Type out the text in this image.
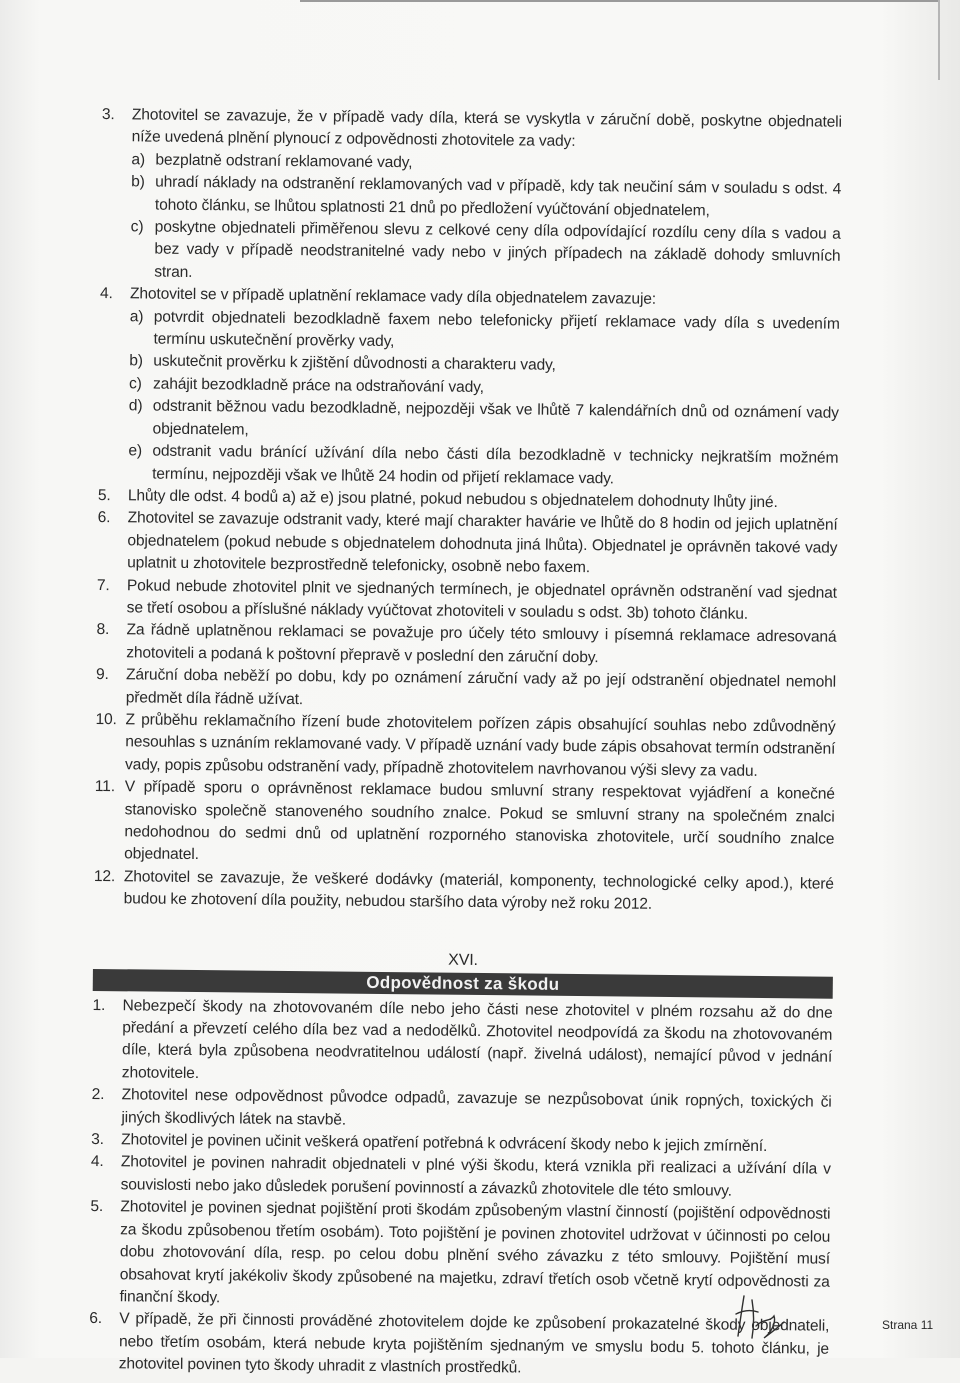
3. Zhotovitel se zavazuje, že v případě vady díla, která se vyskytla v záruční době, poskytne objednateli níže uvedená plnění plynoucí z odpovědnosti zhotovitele za vady:
a) bezplatně odstraní reklamované vady,
b) uhradí náklady na odstranění reklamovaných vad v případě, kdy tak neučiní sám v souladu s odst. 4 tohoto článku, se lhůtou splatnosti 21 dnů po předložení vyúčtování objednatelem,
c) poskytne objednateli přiměřenou slevu z celkové ceny díla odpovídající rozdílu ceny díla s vadou a bez vady v případě neodstranitelné vady nebo v jiných případech na základě dohody smluvních stran.
4. Zhotovitel se v případě uplatnění reklamace vady díla objednatelem zavazuje:
a) potvrdit objednateli bezodkladně faxem nebo telefonicky přijetí reklamace vady díla s uvedením termínu uskutečnění prověrky vady,
b) uskutečnit prověrku k zjištění důvodnosti a charakteru vady,
c) zahájit bezodkladně práce na odstraňování vady,
d) odstranit běžnou vadu bezodkladně, nejpozději však ve lhůtě 7 kalendářních dnů od oznámení vady objednatelem,
e) odstranit vadu bránící užívání díla nebo části díla bezodkladně v technicky nejkratším možném termínu, nejpozději však ve lhůtě 24 hodin od přijetí reklamace vady.
5. Lhůty dle odst. 4 bodů a) až e) jsou platné, pokud nebudou s objednatelem dohodnuty lhůty jiné.
6. Zhotovitel se zavazuje odstranit vady, které mají charakter havárie ve lhůtě do 8 hodin od jejich uplatnění objednatelem (pokud nebude s objednatelem dohodnuta jiná lhůta). Objednatel je oprávněn takové vady uplatnit u zhotovitele bezprostředně telefonicky, osobně nebo faxem.
7. Pokud nebude zhotovitel plnit ve sjednaných termínech, je objednatel oprávněn odstranění vad sjednat se třetí osobou a příslušné náklady vyúčtovat zhotoviteli v souladu s odst. 3b) tohoto článku.
8. Za řádně uplatněnou reklamaci se považuje pro účely této smlouvy i písemná reklamace adresovaná zhotoviteli a podaná k poštovní přepravě v poslední den záruční doby.
9. Záruční doba neběží po dobu, kdy po oznámení záruční vady až po její odstranění objednatel nemohl předmět díla řádně užívat.
10. Z průběhu reklamačního řízení bude zhotovitelem pořízen zápis obsahující souhlas nebo zdůvodněný nesouhlas s uznáním reklamované vady. V případě uznání vady bude zápis obsahovat termín odstranění vady, popis způsobu odstranění vady, případně zhotovitelem navrhovanou výši slevy za vadu.
11. V případě sporu o oprávněnost reklamace budou smluvní strany respektovat vyjádření a konečné stanovisko společně stanoveného soudního znalce. Pokud se smluvní strany na společném znalci nedohodnou do sedmi dnů od uplatnění rozporného stanoviska zhotovitele, určí soudního znalce objednatel.
12. Zhotovitel se zavazuje, že veškeré dodávky (materiál, komponenty, technologické celky apod.), které budou ke zhotovení díla použity, nebudou staršího data výroby než roku 2012.
XVI.
Odpovědnost za škodu
1. Nebezpečí škody na zhotovovaném díle nebo jeho části nese zhotovitel v plném rozsahu až do dne předání a převzetí celého díla bez vad a nedodělků. Zhotovitel neodpovídá za škodu na zhotovovaném díle, která byla způsobena neodvratitelnou událostí (např. živelná událost), nemající původ v jednání zhotovitele.
2. Zhotovitel nese odpovědnost původce odpadů, zavazuje se nezpůsobovat únik ropných, toxických či jiných škodlivých látek na stavbě.
3. Zhotovitel je povinen učinit veškerá opatření potřebná k odvrácení škody nebo k jejich zmírnění.
4. Zhotovitel je povinen nahradit objednateli v plné výši škodu, která vznikla při realizaci a užívání díla v souvislosti nebo jako důsledek porušení povinností a závazků zhotovitele dle této smlouvy.
5. Zhotovitel je povinen sjednat pojištění proti škodám způsobeným vlastní činností (pojištění odpovědnosti za škodu způsobenou třetím osobám). Toto pojištění je povinen zhotovitel udržovat v účinnosti po celou dobu zhotovování díla, resp. po celou dobu plnění svého závazku z této smlouvy. Pojištění musí obsahovat krytí jakékoliv škody způsobené na majetku, zdraví třetích osob včetně krytí odpovědnosti za finanční škody.
6. V případě, že při činnosti prováděné zhotovitelem dojde ke způsobení prokazatelné škody objednateli, nebo třetím osobám, která nebude kryta pojištěním sjednaným ve smyslu bodu 5. tohoto článku, je zhotovitel povinen tyto škody uhradit z vlastních prostředků.
Strana 11
